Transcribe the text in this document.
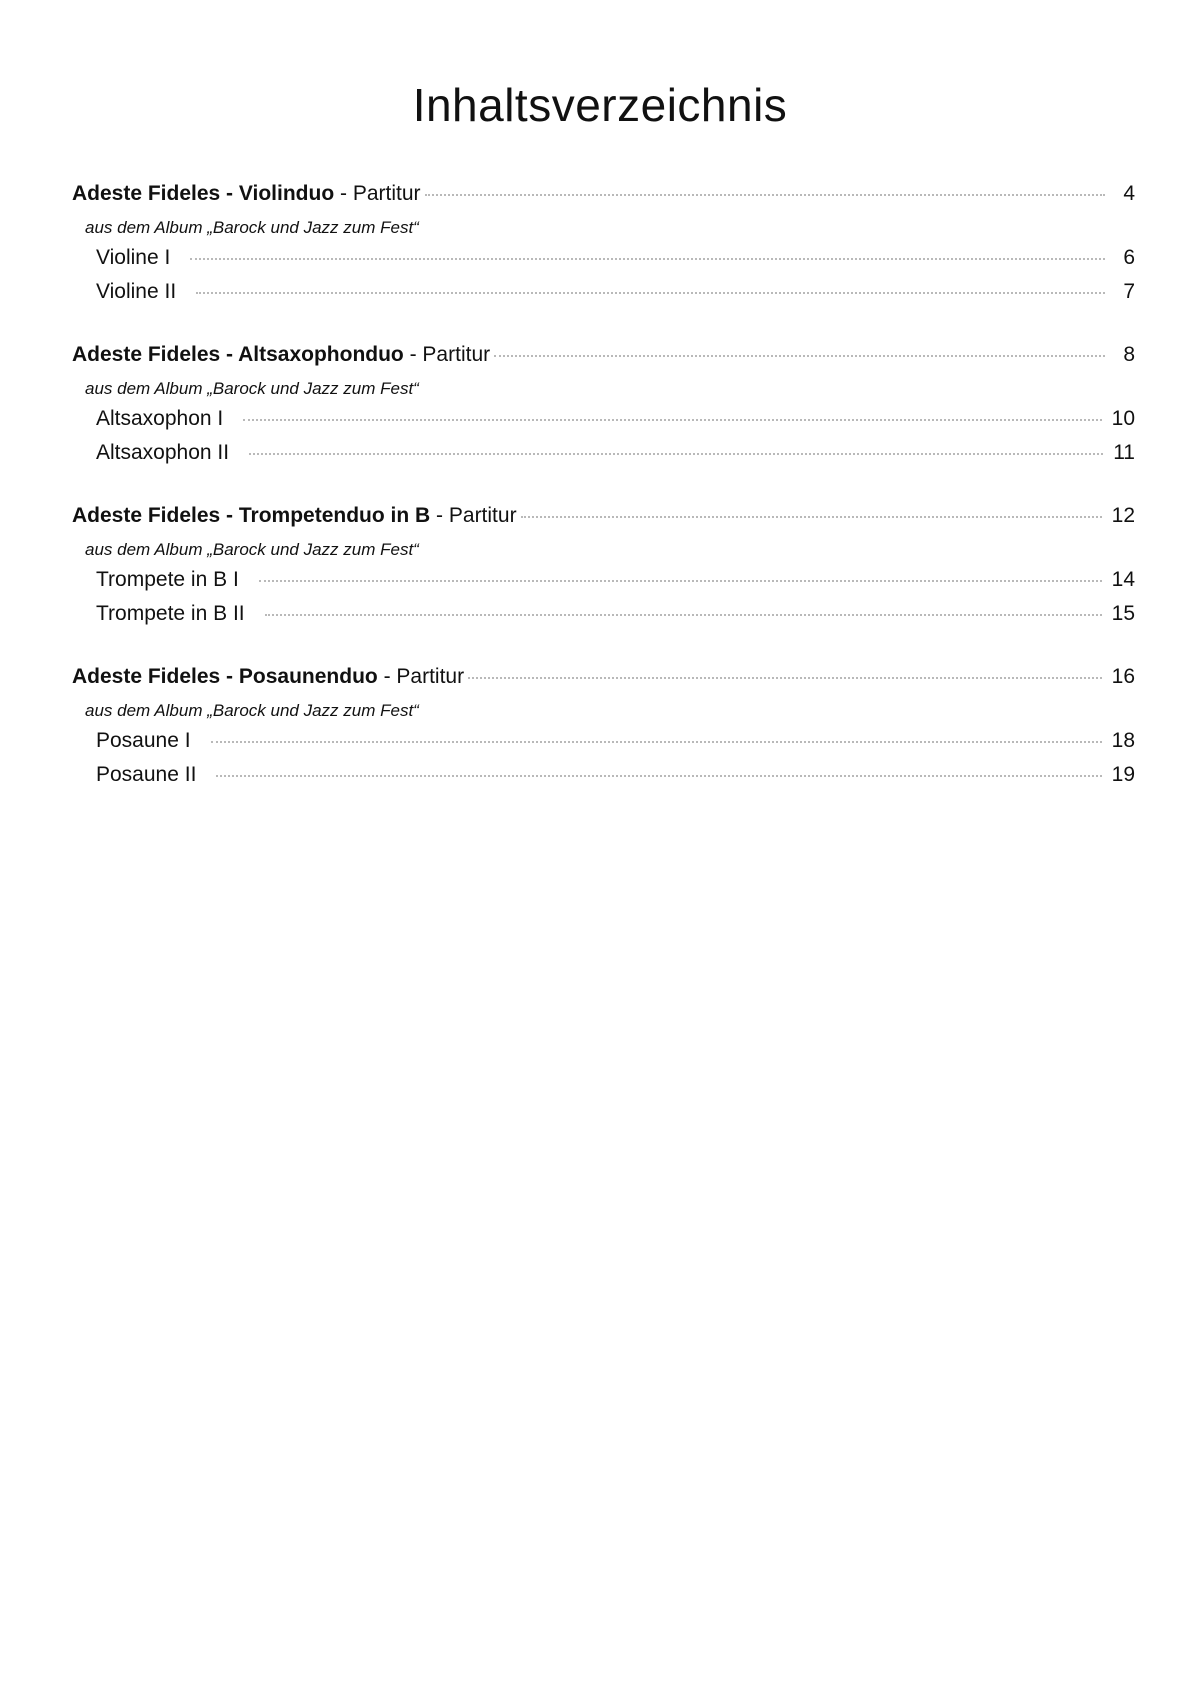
Inhaltsverzeichnis
Adeste Fideles - Violinduo - Partitur	4
aus dem Album „Barock und Jazz zum Fest“
Violine I	6
Violine II	7
Adeste Fideles - Altsaxophonduo - Partitur	8
aus dem Album „Barock und Jazz zum Fest“
Altsaxophon I	10
Altsaxophon II	11
Adeste Fideles - Trompetenduo in B - Partitur	12
aus dem Album „Barock und Jazz zum Fest“
Trompete in B I	14
Trompete in B II	15
Adeste Fideles - Posaunenduo - Partitur	16
aus dem Album „Barock und Jazz zum Fest“
Posaune I	18
Posaune II	19
